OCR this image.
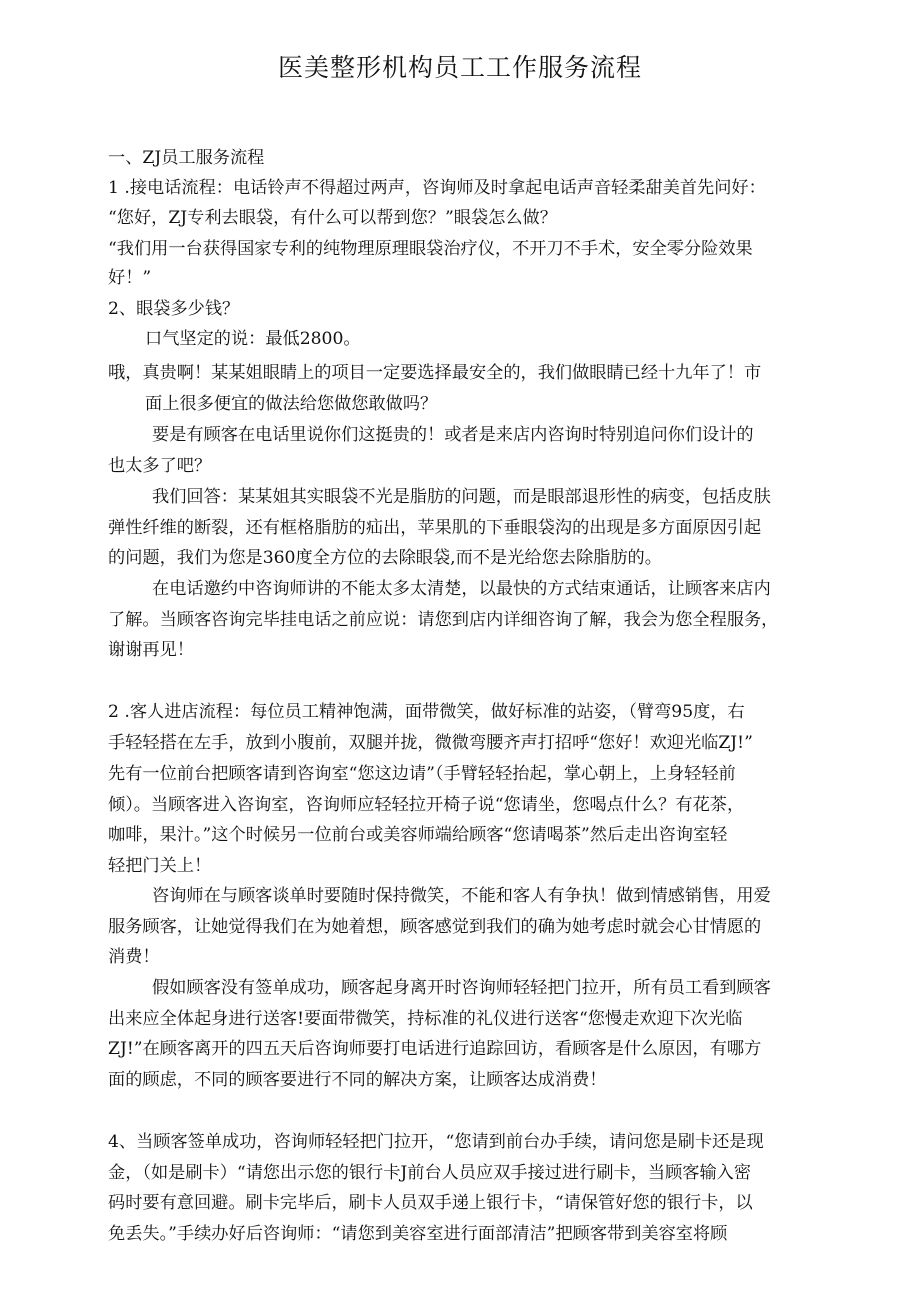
医美整形机构员工工作服务流程

一、ZJ员工服务流程

1 .接电话流程：电话铃声不得超过两声，咨询师及时拿起电话声音轻柔甜美首先问好：

“您好，ZJ专利去眼袋，有什么可以帮到您？”眼袋怎么做？

“我们用一台获得国家专利的纯物理原理眼袋治疗仪，不开刀不手术，安全零分险效果

好！”

2、眼袋多少钱？

口气坚定的说：最低2800。

哦，真贵啊！某某姐眼睛上的项目一定要选择最安全的，我们做眼睛已经十九年了！市

面上很多便宜的做法给您做您敢做吗？

要是有顾客在电话里说你们这挺贵的！或者是来店内咨询时特别追问你们设计的

也太多了吧？

我们回答：某某姐其实眼袋不光是脂肪的问题，而是眼部退形性的病变，包括皮肤

弹性纤维的断裂，还有框格脂肪的疝出，苹果肌的下垂眼袋沟的出现是多方面原因引起

的问题，我们为您是360度全方位的去除眼袋,而不是光给您去除脂肪的。

在电话邀约中咨询师讲的不能太多太清楚，以最快的方式结束通话，让顾客来店内

了解。当顾客咨询完毕挂电话之前应说：请您到店内详细咨询了解，我会为您全程服务，

谢谢再见！

2 .客人进店流程：每位员工精神饱满，面带微笑，做好标准的站姿，（臂弯95度，右

手轻轻搭在左手，放到小腹前，双腿并拢，微微弯腰齐声打招呼“您好！欢迎光临ZJ!”

先有一位前台把顾客请到咨询室“您这边请”（手臂轻轻抬起，掌心朝上，上身轻轻前

倾）。当顾客进入咨询室，咨询师应轻轻拉开椅子说“您请坐，您喝点什么？有花茶，

咖啡，果汁。”这个时候另一位前台或美容师端给顾客“您请喝茶”然后走出咨询室轻

轻把门关上！

咨询师在与顾客谈单时要随时保持微笑，不能和客人有争执！做到情感销售，用爱

服务顾客，让她觉得我们在为她着想，顾客感觉到我们的确为她考虑时就会心甘情愿的

消费！

假如顾客没有签单成功，顾客起身离开时咨询师轻轻把门拉开，所有员工看到顾客

出来应全体起身进行送客!要面带微笑，持标准的礼仪进行送客“您慢走欢迎下次光临

ZJ!”在顾客离开的四五天后咨询师要打电话进行追踪回访，看顾客是什么原因，有哪方

面的顾虑，不同的顾客要进行不同的解决方案，让顾客达成消费！

4、当顾客签单成功，咨询师轻轻把门拉开，“您请到前台办手续，请问您是刷卡还是现

金，（如是刷卡）“请您出示您的银行卡J前台人员应双手接过进行刷卡，当顾客输入密

码时要有意回避。刷卡完毕后，刷卡人员双手递上银行卡，“请保管好您的银行卡，以

免丢失。”手续办好后咨询师：“请您到美容室进行面部清洁”把顾客带到美容室将顾
